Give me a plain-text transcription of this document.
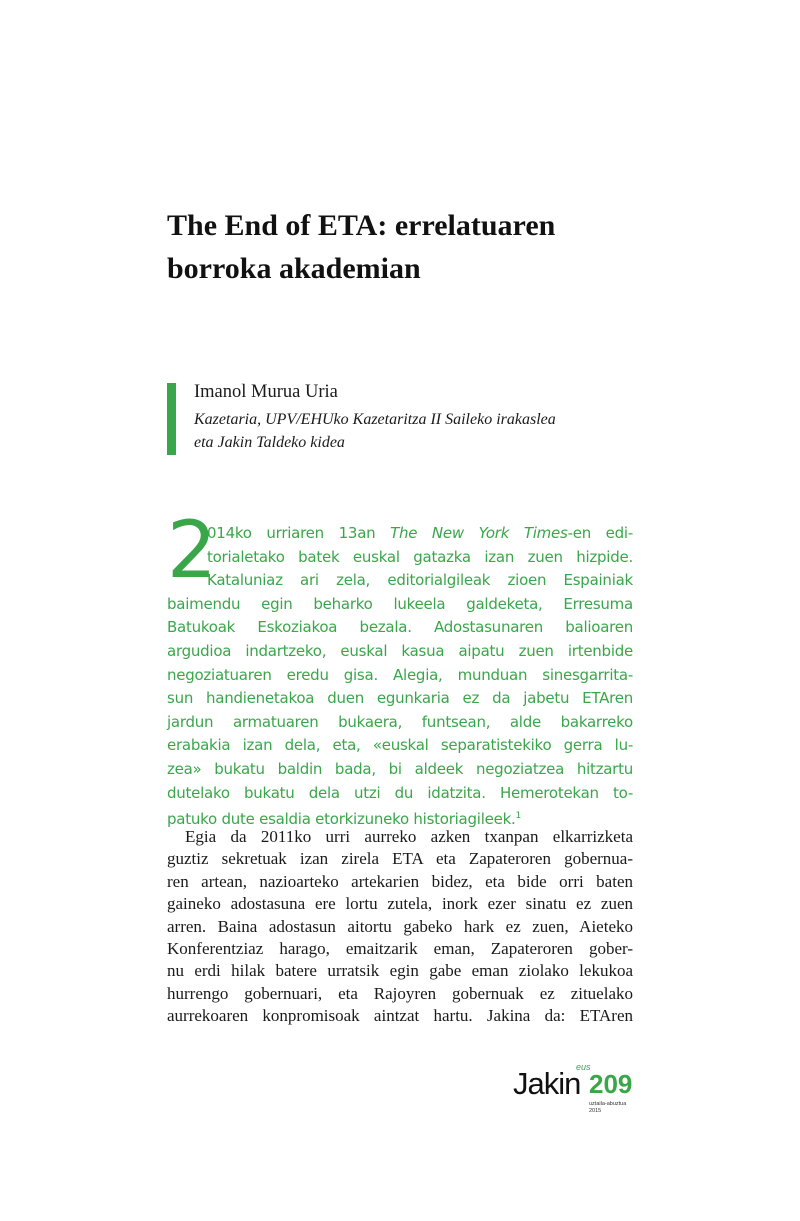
The End of ETA: errelatuaren
borroka akademian
Imanol Murua Uria
Kazetaria, UPV/EHUko Kazetaritza II Saileko irakaslea
eta Jakin Taldeko kidea
2
014ko urriaren 13an The New York Times-en edi-
torialetako batek euskal gatazka izan zuen hizpide.
Kataluniaz ari zela, editorialgileak zioen Espainiak
baimendu egin beharko lukeela galdeketa, Erresuma
Batukoak Eskoziakoa bezala. Adostasunaren balioaren
argudioa indartzeko, euskal kasua aipatu zuen irtenbide
negoziatuaren eredu gisa. Alegia, munduan sinesgarrita-
sun handienetakoa duen egunkaria ez da jabetu ETAren
jardun armatuaren bukaera, funtsean, alde bakarreko
erabakia izan dela, eta, «euskal separatistekiko gerra lu-
zea» bukatu baldin bada, bi aldeek negoziatzea hitzartu
dutelako bukatu dela utzi du idatzita. Hemerotekan to-
patuko dute esaldia etorkizuneko historiagileek.$^1$
Egia da 2011ko urri aurreko azken txanpan elkarrizketa
guztiz sekretuak izan zirela ETA eta Zapateroren gobernua-
ren artean, nazioarteko artekarien bidez, eta bide orri baten
gaineko adostasuna ere lortu zutela, inork ezer sinatu ez zuen
arren. Baina adostasun aitortu gabeko hark ez zuen, Aieteko
Konferentziaz harago, emaitzarik eman, Zapateroren gober-
nu erdi hilak batere urratsik egin gabe eman ziolako lekukoa
hurrengo gobernuari, eta Rajoyren gobernuak ez zituelako
aurrekoaren konpromisoak aintzat hartu. Jakina da: ETAren
Jakin
eus
209
uztaila-abuztua
2015
